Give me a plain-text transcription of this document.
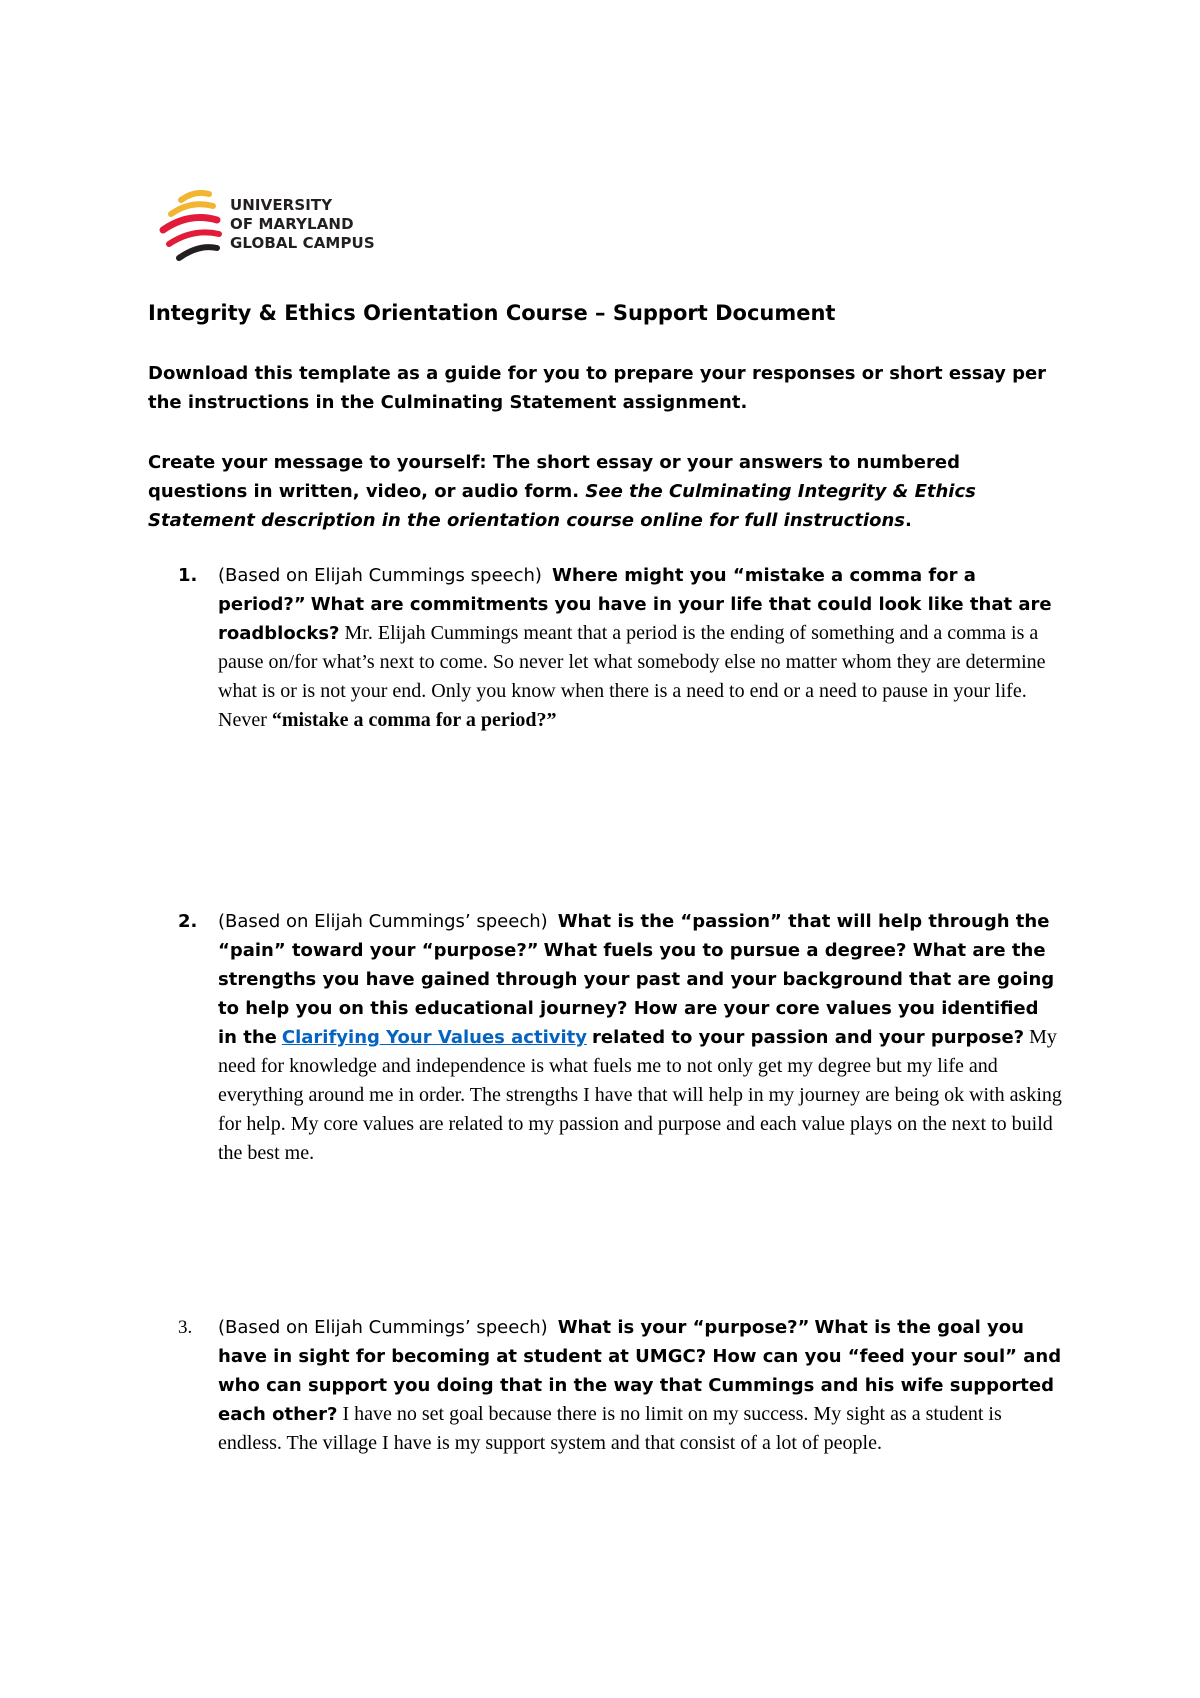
UNIVERSITY
OF MARYLAND
GLOBAL CAMPUS
Integrity & Ethics Orientation Course – Support Document
Download this template as a guide for you to prepare your responses or short essay per the instructions in the Culminating Statement assignment.
Create your message to yourself: The short essay or your answers to numbered questions in written, video, or audio form. See the Culminating Integrity & Ethics Statement description in the orientation course online for full instructions.
1. (Based on Elijah Cummings speech) Where might you “mistake a comma for a period?” What are commitments you have in your life that could look like that are roadblocks? Mr. Elijah Cummings meant that a period is the ending of something and a comma is a pause on/for what’s next to come. So never let what somebody else no matter whom they are determine what is or is not your end. Only you know when there is a need to end or a need to pause in your life. Never “mistake a comma for a period?”
2. (Based on Elijah Cummings’ speech) What is the “passion” that will help through the “pain” toward your “purpose?” What fuels you to pursue a degree? What are the strengths you have gained through your past and your background that are going to help you on this educational journey? How are your core values you identified in the Clarifying Your Values activity related to your passion and your purpose? My need for knowledge and independence is what fuels me to not only get my degree but my life and everything around me in order. The strengths I have that will help in my journey are being ok with asking for help. My core values are related to my passion and purpose and each value plays on the next to build the best me.
3. (Based on Elijah Cummings’ speech) What is your “purpose?” What is the goal you have in sight for becoming at student at UMGC? How can you “feed your soul” and who can support you doing that in the way that Cummings and his wife supported each other? I have no set goal because there is no limit on my success. My sight as a student is endless. The village I have is my support system and that consist of a lot of people.
